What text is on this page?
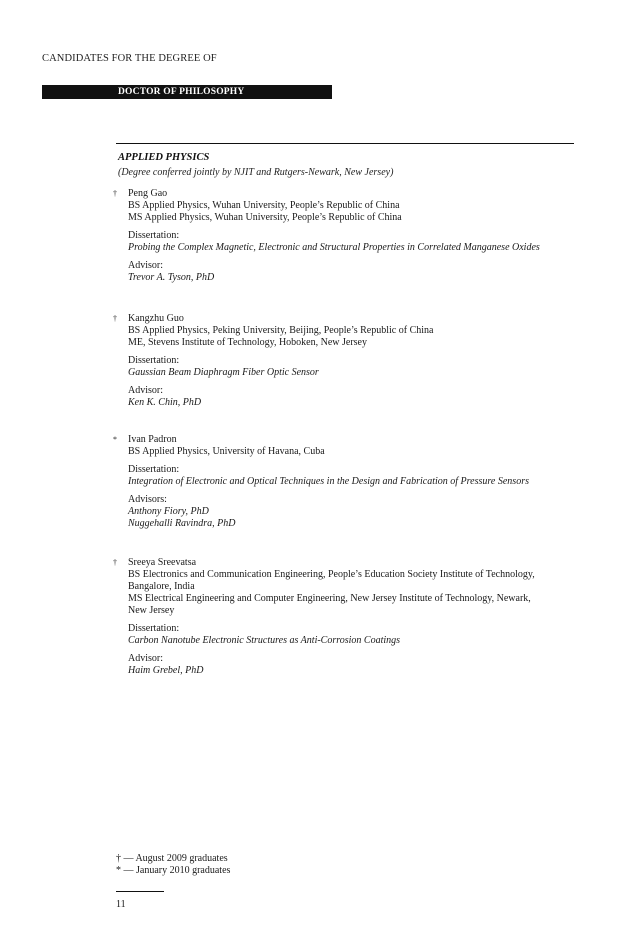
CANDIDATES FOR THE DEGREE OF
DOCTOR OF PHILOSOPHY
APPLIED PHYSICS
(Degree conferred jointly by NJIT and Rutgers-Newark, New Jersey)
†	Peng Gao
BS Applied Physics, Wuhan University, People’s Republic of China
MS Applied Physics, Wuhan University, People’s Republic of China
Dissertation:
Probing the Complex Magnetic, Electronic and Structural Properties in Correlated Manganese Oxides
Advisor:
Trevor A. Tyson, PhD
†	Kangzhu Guo
BS Applied Physics, Peking University, Beijing, People’s Republic of China
ME, Stevens Institute of Technology, Hoboken, New Jersey
Dissertation:
Gaussian Beam Diaphragm Fiber Optic Sensor
Advisor:
Ken K. Chin, PhD
*	Ivan Padron
BS Applied Physics, University of Havana, Cuba
Dissertation:
Integration of Electronic and Optical Techniques in the Design and Fabrication of Pressure Sensors
Advisors:
Anthony Fiory, PhD
Nuggehalli Ravindra, PhD
†	Sreeya Sreevatsa
BS Electronics and Communication Engineering, People’s Education Society Institute of Technology,
Bangalore, India
MS Electrical Engineering and Computer Engineering, New Jersey Institute of Technology, Newark,
New Jersey
Dissertation:
Carbon Nanotube Electronic Structures as Anti-Corrosion Coatings
Advisor:
Haim Grebel, PhD
† — August 2009 graduates
* — January 2010 graduates
11
